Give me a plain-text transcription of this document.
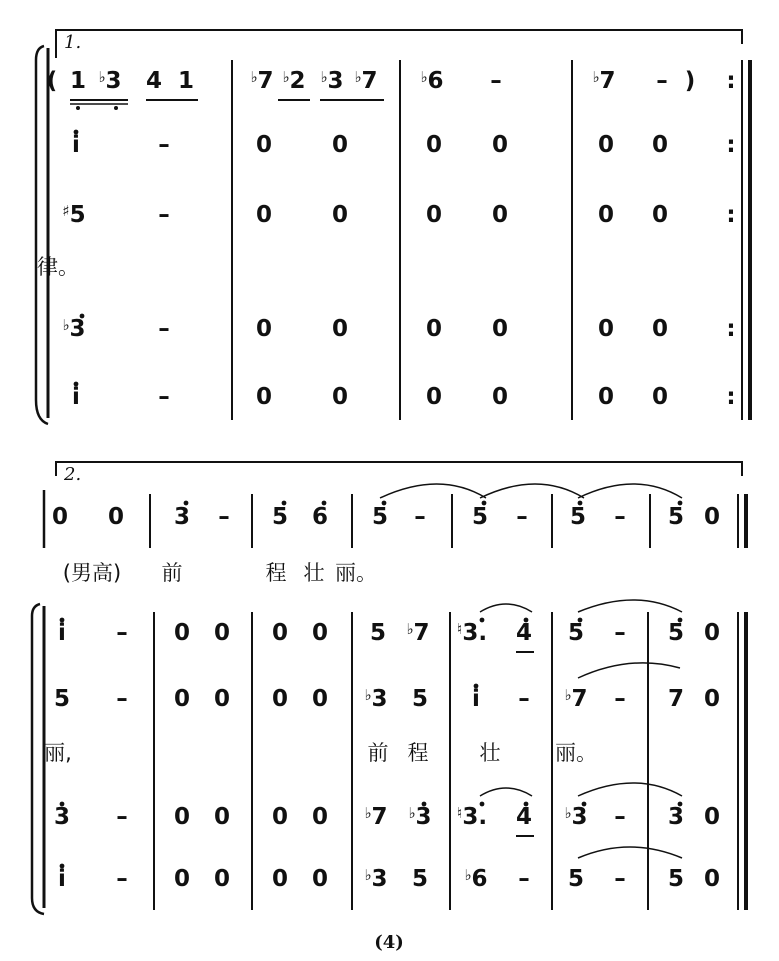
1.
2.
( 1 ♭3 4 1	♭7 ♭2 ♭3 ♭7	♭6 –	♭7 – ) :
i	–	0	0	0 0	0 0	:
♯5	–	0	0	0 0	0 0	:
律。
♭3	–	0	0	0 0	0 0	:
i	–	0	0	0 0	0 0	:
0 0 3 – 5 6 5 – 5 – 5 – 5 0
(男高) 前	程 壮 丽。
i – 0 0 0 0 5 ♭7 ♮3. 4 5 – 5 0
5 – 0 0 0 0 ♭3 5 i – ♭7 – 7 0
丽,	前 程 壮	丽。
3 – 0 0 0 0 ♭7 ♭3 ♮3. 4 ♭3 – 3 0
i – 0 0 0 0 ♭3 5 ♭6 – 5 – 5 0
(4)
